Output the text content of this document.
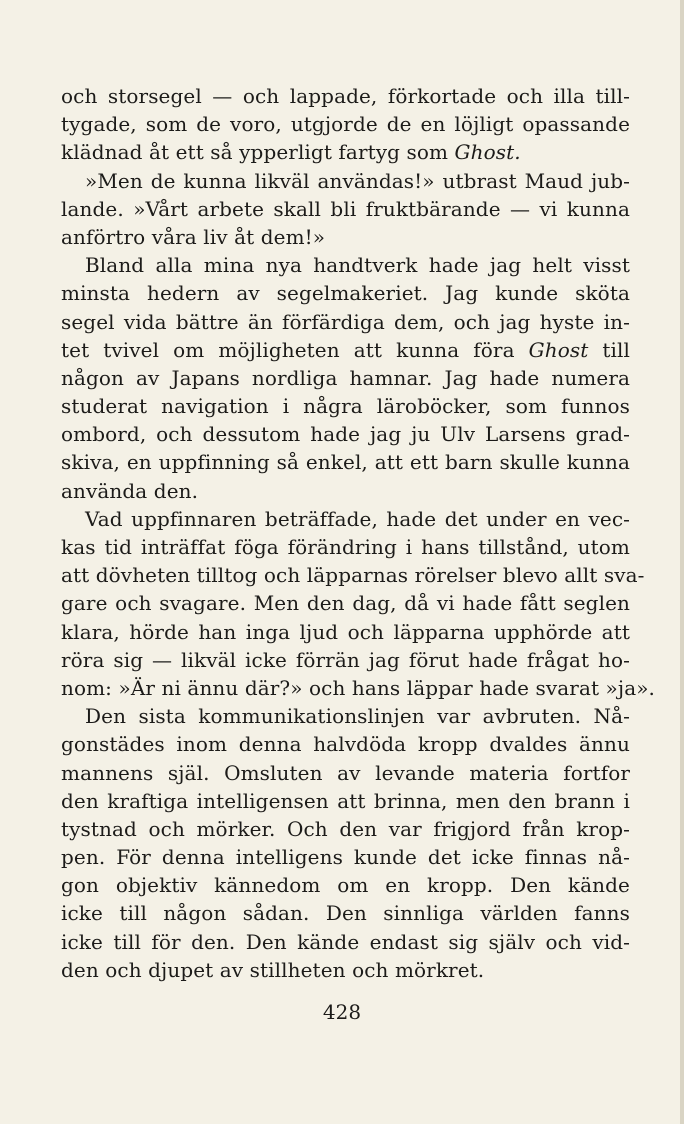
och storsegel — och lappade, förkortade och illa till-
tygade, som de voro, utgjorde de en löjligt opassande
klädnad åt ett så ypperligt fartyg som Ghost.
»Men de kunna likväl användas!» utbrast Maud jub-
lande. »Vårt arbete skall bli fruktbärande — vi kunna
anförtro våra liv åt dem!»
Bland alla mina nya handtverk hade jag helt visst
minsta hedern av segelmakeriet. Jag kunde sköta
segel vida bättre än förfärdiga dem, och jag hyste in-
tet tvivel om möjligheten att kunna föra Ghost till
någon av Japans nordliga hamnar. Jag hade numera
studerat navigation i några läroböcker, som funnos
ombord, och dessutom hade jag ju Ulv Larsens grad-
skiva, en uppfinning så enkel, att ett barn skulle kunna
använda den.
Vad uppfinnaren beträffade, hade det under en vec-
kas tid inträffat föga förändring i hans tillstånd, utom
att dövheten tilltog och läpparnas rörelser blevo allt sva-
gare och svagare. Men den dag, då vi hade fått seglen
klara, hörde han inga ljud och läpparna upphörde att
röra sig — likväl icke förrän jag förut hade frågat ho-
nom: »Är ni ännu där?» och hans läppar hade svarat »ja».
Den sista kommunikationslinjen var avbruten. Nå-
gonstädes inom denna halvdöda kropp dvaldes ännu
mannens själ. Omsluten av levande materia fortfor
den kraftiga intelligensen att brinna, men den brann i
tystnad och mörker. Och den var frigjord från krop-
pen. För denna intelligens kunde det icke finnas nå-
gon objektiv kännedom om en kropp. Den kände
icke till någon sådan. Den sinnliga världen fanns
icke till för den. Den kände endast sig själv och vid-
den och djupet av stillheten och mörkret.
428
